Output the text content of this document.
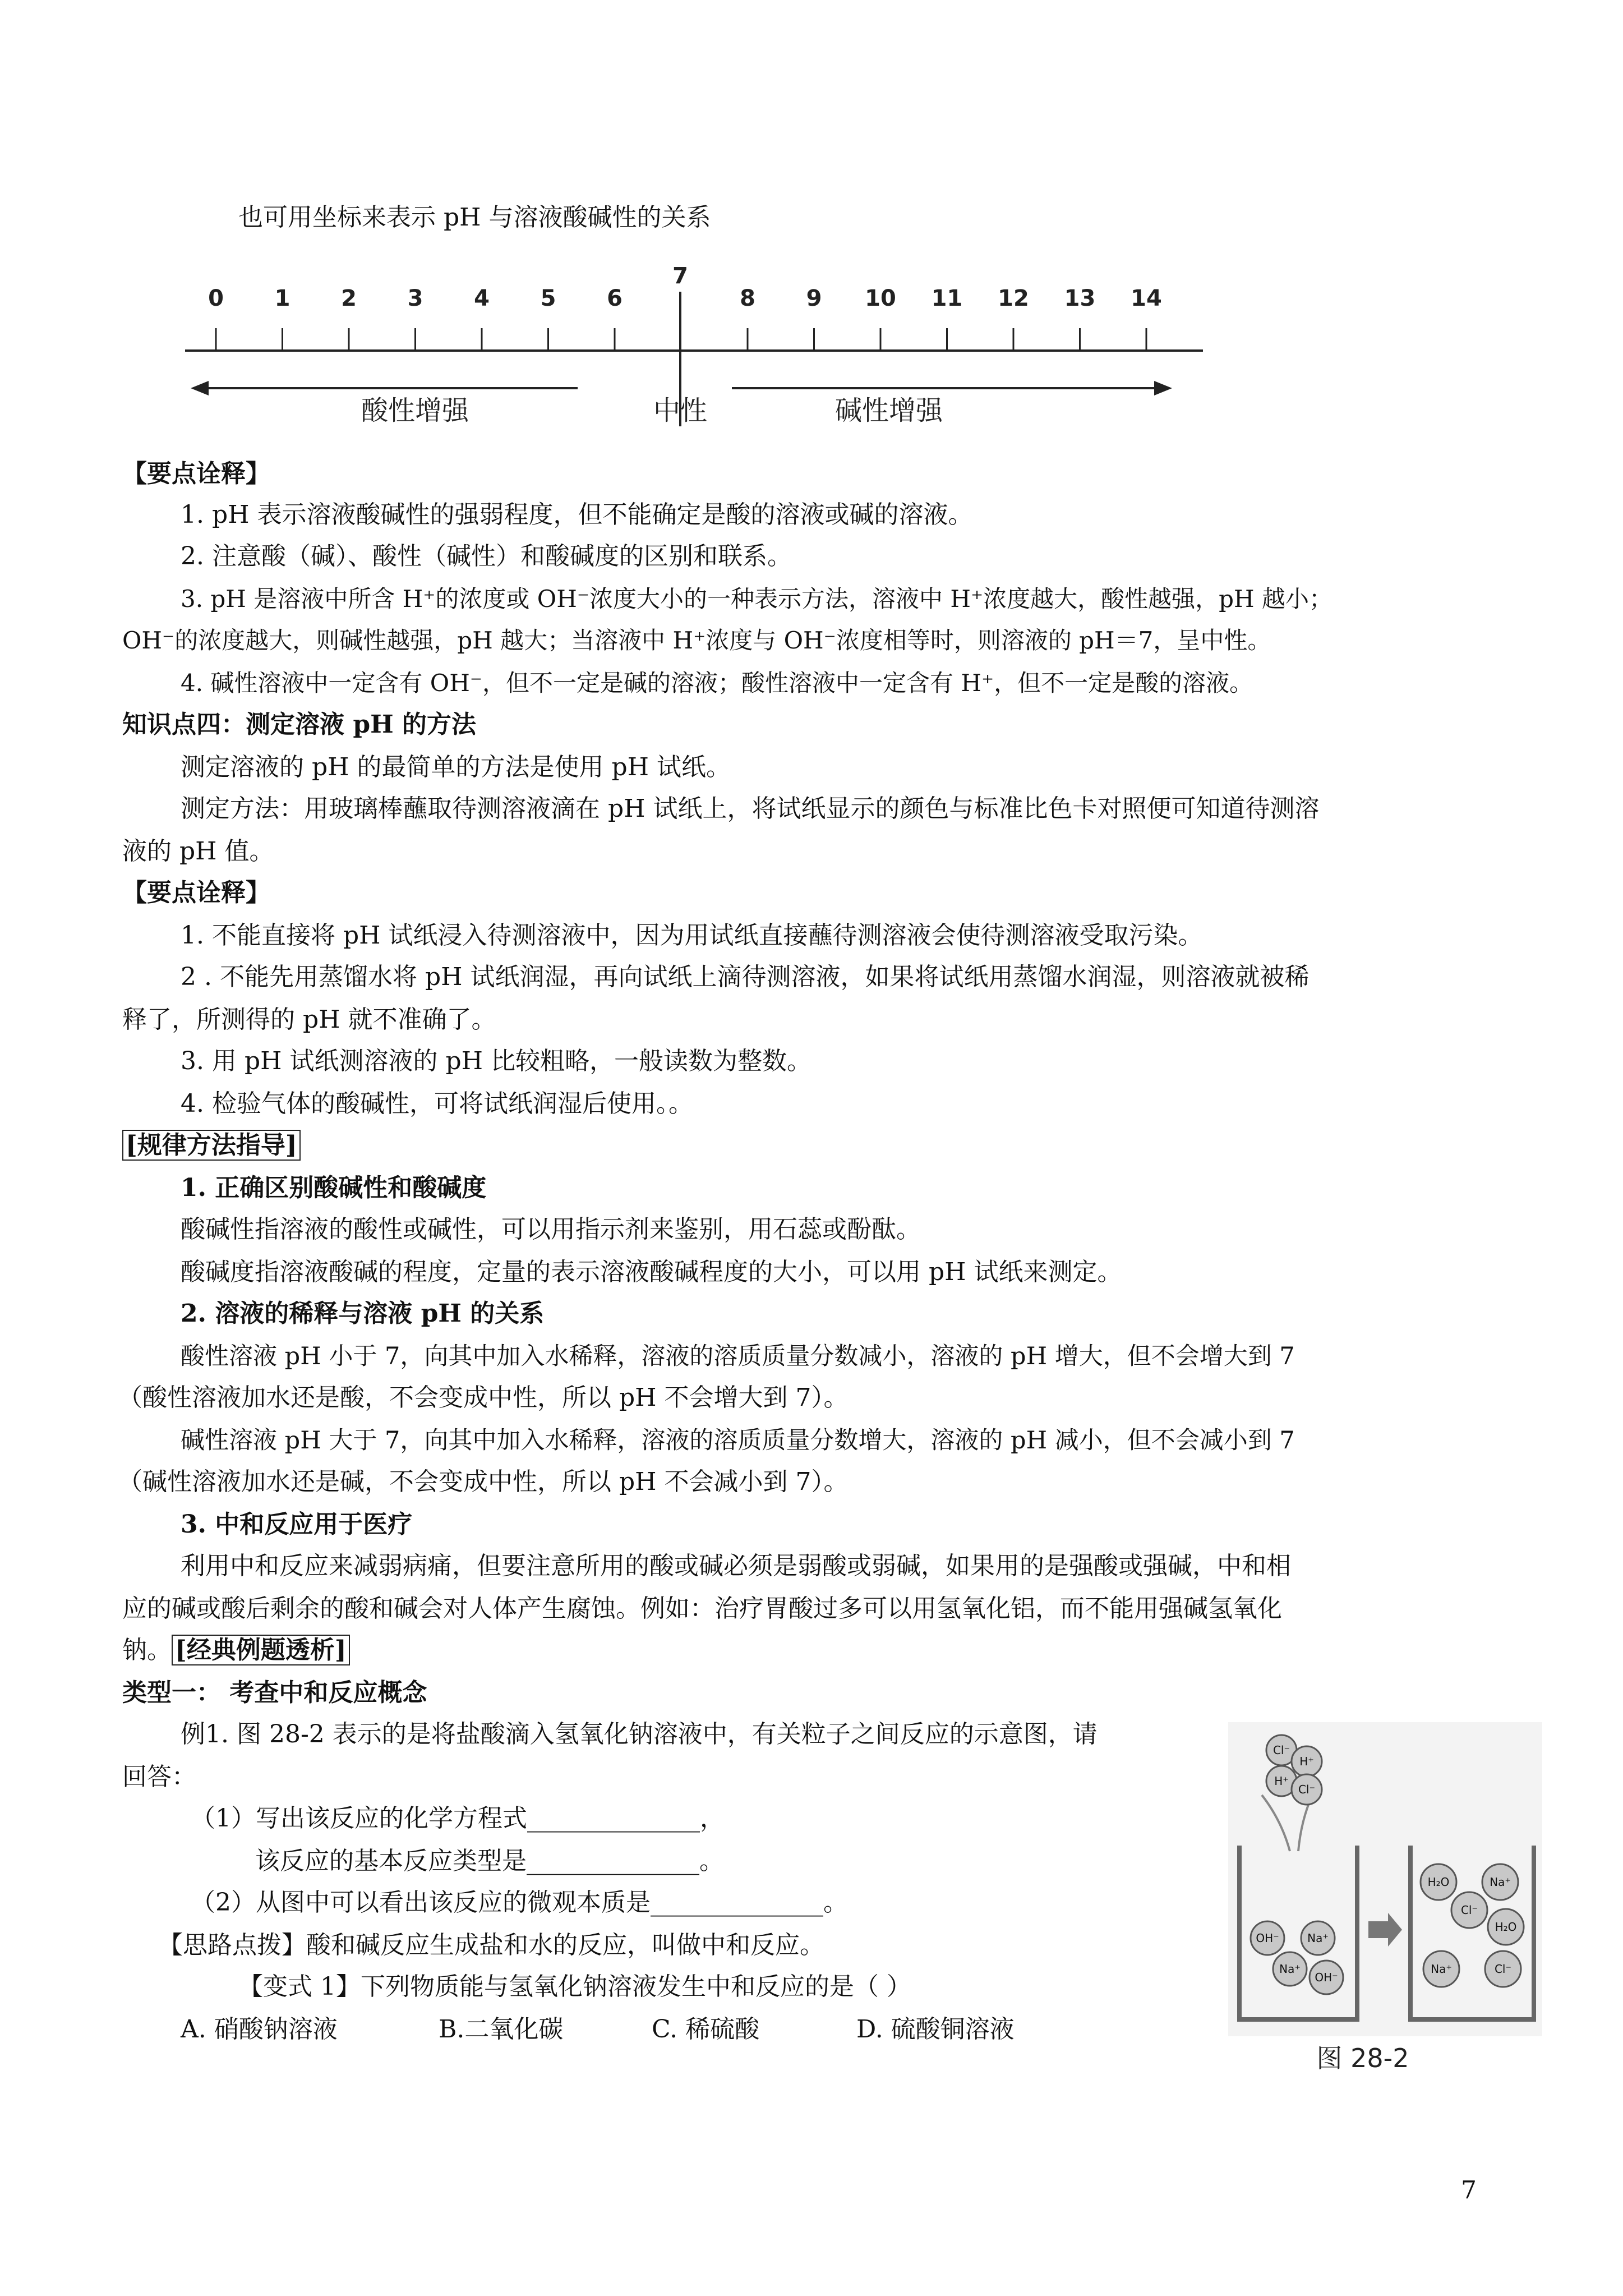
也可用坐标来表示 pH 与溶液酸碱性的关系
0 1 2 3 4 5 6
7
8 9 10 11 12 13 14
酸性增强	中性	碱性增强
【要点诠释】
1. pH 表示溶液酸碱性的强弱程度，但不能确定是酸的溶液或碱的溶液。
2. 注意酸（碱）、酸性（碱性）和酸碱度的区别和联系。
3. pH 是溶液中所含 H⁺的浓度或 OH⁻浓度大小的一种表示方法，溶液中 H⁺浓度越大，酸性越强，pH 越小；
OH⁻的浓度越大，则碱性越强，pH 越大；当溶液中 H⁺浓度与 OH⁻浓度相等时，则溶液的 pH＝7，呈中性。
4. 碱性溶液中一定含有 OH⁻，但不一定是碱的溶液；酸性溶液中一定含有 H⁺，但不一定是酸的溶液。
知识点四：测定溶液 pH 的方法
测定溶液的 pH 的最简单的方法是使用 pH 试纸。
测定方法：用玻璃棒蘸取待测溶液滴在 pH 试纸上，将试纸显示的颜色与标准比色卡对照便可知道待测溶
液的 pH 值。
【要点诠释】
1. 不能直接将 pH 试纸浸入待测溶液中，因为用试纸直接蘸待测溶液会使待测溶液受取污染。
2 . 不能先用蒸馏水将 pH 试纸润湿，再向试纸上滴待测溶液，如果将试纸用蒸馏水润湿，则溶液就被稀
释了，所测得的 pH 就不准确了。
3. 用 pH 试纸测溶液的 pH 比较粗略，一般读数为整数。
4. 检验气体的酸碱性，可将试纸润湿后使用。。
[规律方法指导]
1. 正确区别酸碱性和酸碱度
酸碱性指溶液的酸性或碱性，可以用指示剂来鉴别，用石蕊或酚酞。
酸碱度指溶液酸碱的程度，定量的表示溶液酸碱程度的大小，可以用 pH 试纸来测定。
2. 溶液的稀释与溶液 pH 的关系
酸性溶液 pH 小于 7，向其中加入水稀释，溶液的溶质质量分数减小，溶液的 pH 增大，但不会增大到 7
（酸性溶液加水还是酸，不会变成中性，所以 pH 不会增大到 7）。
碱性溶液 pH 大于 7，向其中加入水稀释，溶液的溶质质量分数增大，溶液的 pH 减小，但不会减小到 7
（碱性溶液加水还是碱，不会变成中性，所以 pH 不会减小到 7）。
3. 中和反应用于医疗
利用中和反应来减弱病痛，但要注意所用的酸或碱必须是弱酸或弱碱，如果用的是强酸或强碱，中和相
应的碱或酸后剩余的酸和碱会对人体产生腐蚀。例如：治疗胃酸过多可以用氢氧化铝，而不能用强碱氢氧化
钠。 [经典例题透析]
类型一： 考查中和反应概念
例1. 图 28-2 表示的是将盐酸滴入氢氧化钠溶液中，有关粒子之间反应的示意图，请
回答：
（1）写出该反应的化学方程式______________，
该反应的基本反应类型是______________。
（2）从图中可以看出该反应的微观本质是______________。
【思路点拨】酸和碱反应生成盐和水的反应，叫做中和反应。
【变式 1】下列物质能与氢氧化钠溶液发生中和反应的是（ ）
A. 硝酸钠溶液	B.二氧化碳	C. 稀硫酸	D. 硫酸铜溶液
Cl⁻
H⁺
H⁺
Cl⁻
OH⁻	Na⁺
Na⁺
OH⁻
H₂O	Na⁺
Cl⁻
H₂O
Na⁺	Cl⁻
图 28-2
7
